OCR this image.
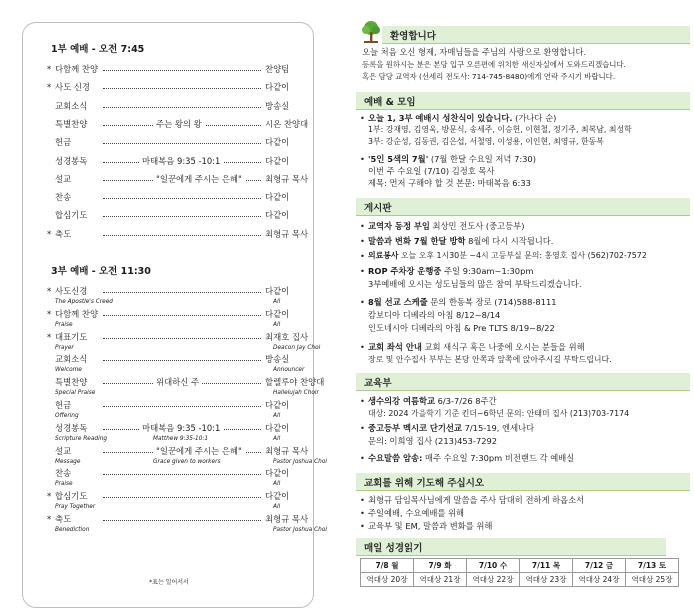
1부 예배 - 오전 7:45
* 다함께 찬양	찬양팀
* 사도 신경	다같이
교회소식	방송실
특별찬양	주는 왕의 왕	시온 찬양대
헌금	다같이
성경봉독	마태복음 9:35 -10:1	다같이
설교	"일꾼에게 주시는 은혜"	최형규 목사
찬송	다같이
합심기도	다같이
* 축도	최형규 목사
3부 예배 - 오전 11:30
* 사도신경	다같이
The Apostle's Creed	All
* 다함께 찬양	다같이
Praise	All
* 대표기도	최재호 집사
Prayer	Deacon Jay Choi
교회소식	방송실
Welcome	Announcer
특별찬양	위대하신 주	할렐루야 찬양대
Special Praise	Hallelujah Choir
헌금	다같이
Offering	All
성경봉독	마태복음 9:35 -10:1	다같이
Scripture Reading	All
Matthew 9:35-10:1
설교	"일꾼에게 주시는 은혜"	최형규 목사
Message	Pastor Joshua Choi
Grace given to workers
찬송	다같이
Praise	All
* 합심기도	다같이
Pray Together	All
* 축도	최형규 목사
Benediction	Pastor Joshua Choi
*표는 일어서서
환영합니다
오늘 처음 오신 형제, 자매님들을 주님의 사랑으로 환영합니다.
등록을 원하시는 분은 본당 입구 오른편에 위치한 새신자실에서 도와드리겠습니다.
혹은 담당 교역자 (선세리 전도사: 714-745-8480)에게 연락 주시기 바랍니다.
예배 & 모임
• 오늘 1, 3부 예배시 성찬식이 있습니다. (가나다 순)
1부: 강재영, 김영욱, 방문식, 송세주, 이승헌, 이현철, 정기주, 최복남, 최성학
3부: 강순성, 김동권, 김은섭, 서철영, 이성용, 이인현, 최영규, 한동복
• '5인 5색의 7월' (7월 한달 수요일 저녁 7:30)
이번 주 수요일 (7/10) 김정호 목사
제목: 먼저 구해야 할 것 본문: 마태복음 6:33
게시판
• 교역자 동정 부임 최상민 전도사 (중고등부)
• 말씀과 변화 7월 한달 방학 8월에 다시 시작됩니다.
• 의료봉사 오늘 오후 1시30분 ~4시 고등부실 문의: 홍영호 집사 (562)702-7572
• ROP 주차장 운행중 주일 9:30am~1:30pm
3부예배에 오시는 성도님들의 많은 참여 부탁드리겠습니다.
• 8월 선교 스케줄 문의 한동복 장로 (714)588-8111
캄보디아 디베라의 아침 8/12~8/14
인도네시아 디베라의 아침 & Pre TLTS 8/19~8/22
• 교회 좌석 안내 교회 새식구 혹은 나중에 오시는 분들을 위해
장로 및 안수집사 부부는 본당 안쪽과 앞쪽에 앉아주시길 부탁드립니다.
교육부
• 생수의강 여름학교 6/3-7/26 8주간
대상: 2024 가을학기 기준 킨더~6학년 문의: 안태미 집사 (213)703-7174
• 중고등부 멕시코 단기선교 7/15-19, 엔세나다
문의: 이희영 집사 (213)453-7292
• 수요말씀 암송: 매주 수요일 7:30pm 비전랜드 각 예배실
교회를 위해 기도해 주십시오
• 최형규 담임목사님에게 말씀을 주사 담대히 전하게 하옵소서
• 주일예배, 수요예배를 위해
• 교육부 및 EM, 말씀과 변화를 위해
매일 성경읽기
7/8 월	7/9 화	7/10 수	7/11 목	7/12 금	7/13 토
역대상 20장	역대상 21장	역대상 22장	역대상 23장	역대상 24장	역대상 25장
